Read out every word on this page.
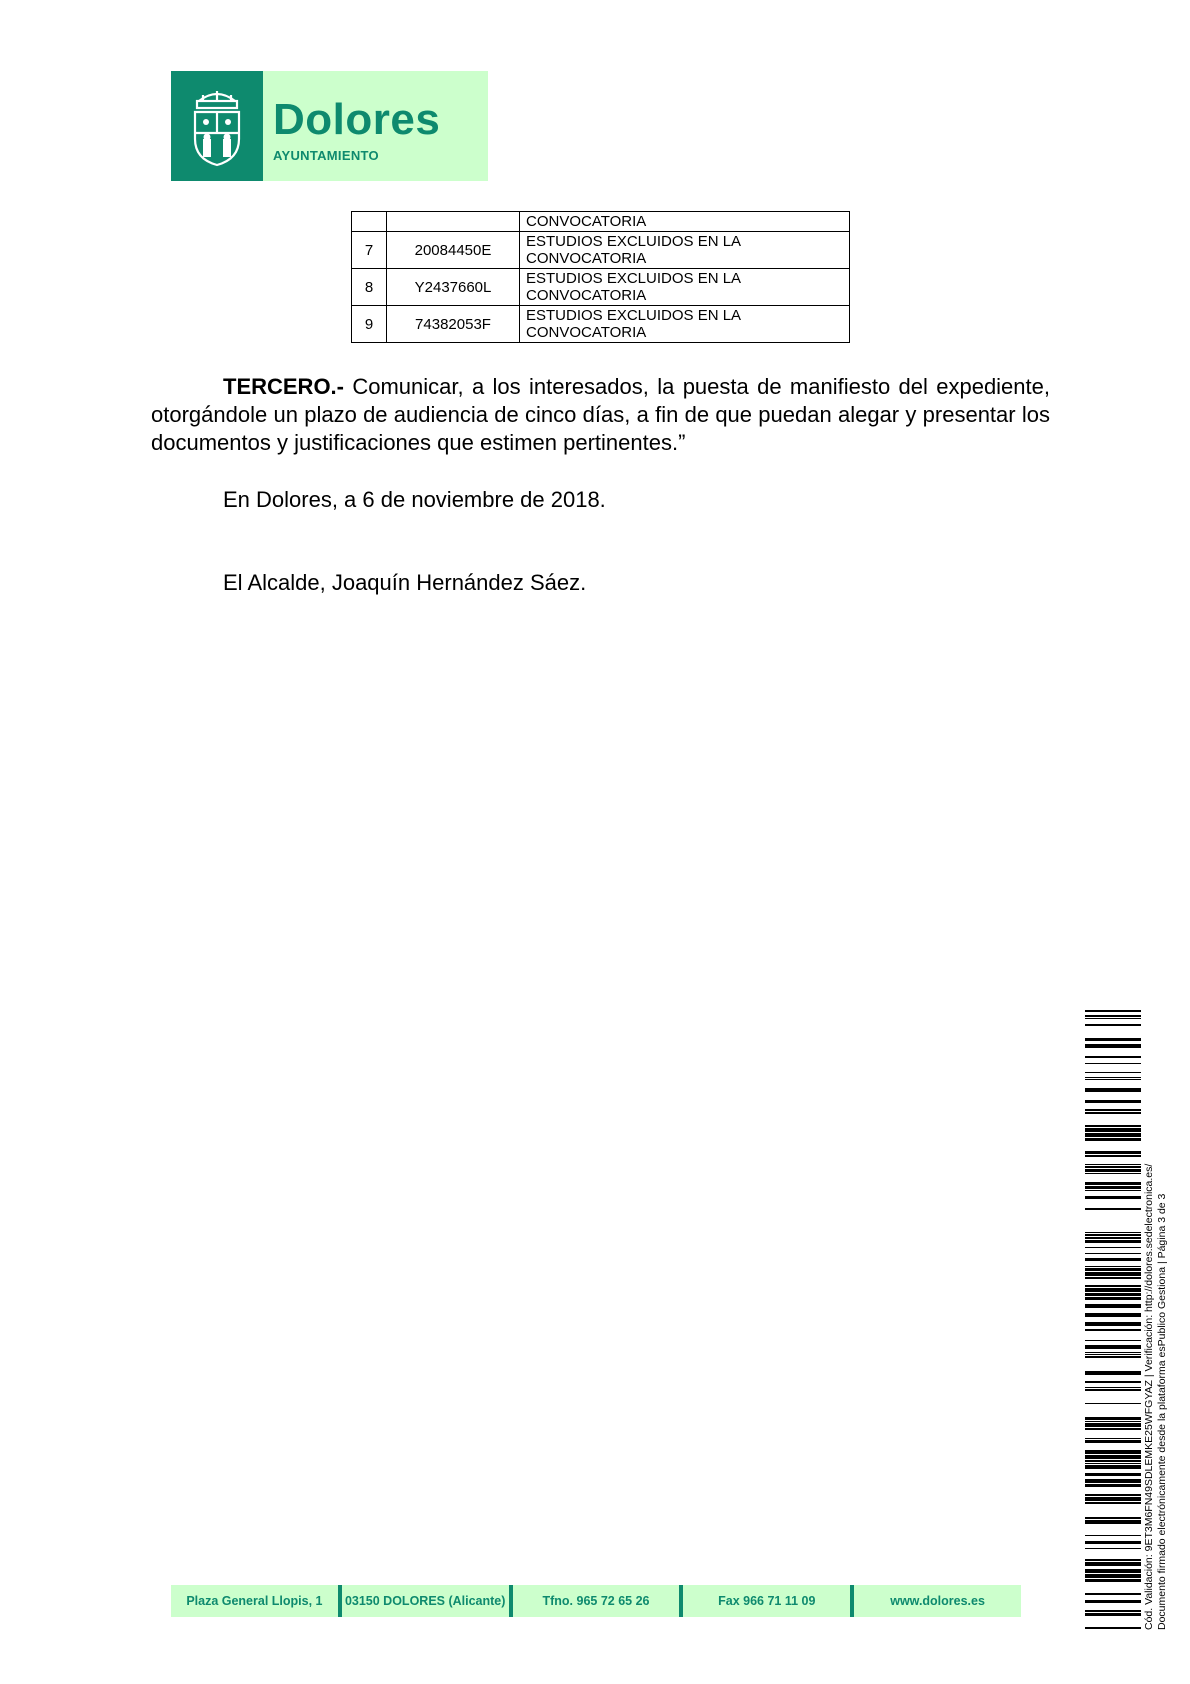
Dolores
AYUNTAMIENTO
		CONVOCATORIA
7	20084450E	ESTUDIOS EXCLUIDOS EN LA
CONVOCATORIA
8	Y2437660L	ESTUDIOS EXCLUIDOS EN LA
CONVOCATORIA
9	74382053F	ESTUDIOS EXCLUIDOS EN LA
CONVOCATORIA
TERCERO.- Comunicar, a los interesados, la puesta de manifiesto del expediente, otorgándole un plazo de audiencia de cinco días, a fin de que puedan alegar y presentar los documentos y justificaciones que estimen pertinentes.”
En Dolores, a 6 de noviembre de 2018.
El Alcalde, Joaquín Hernández Sáez.
Plaza General Llopis, 1	03150 DOLORES (Alicante)	Tfno. 965 72 65 26	Fax 966 71 11 09	www.dolores.es	Cód. Validación: 9ET3M6FN49SDLEMKE25WFGYAZ | Verificación: http://dolores.sedelectronica.es/ Documento firmado electrónicamente desde la plataforma esPublico Gestiona | Página 3 de 3
